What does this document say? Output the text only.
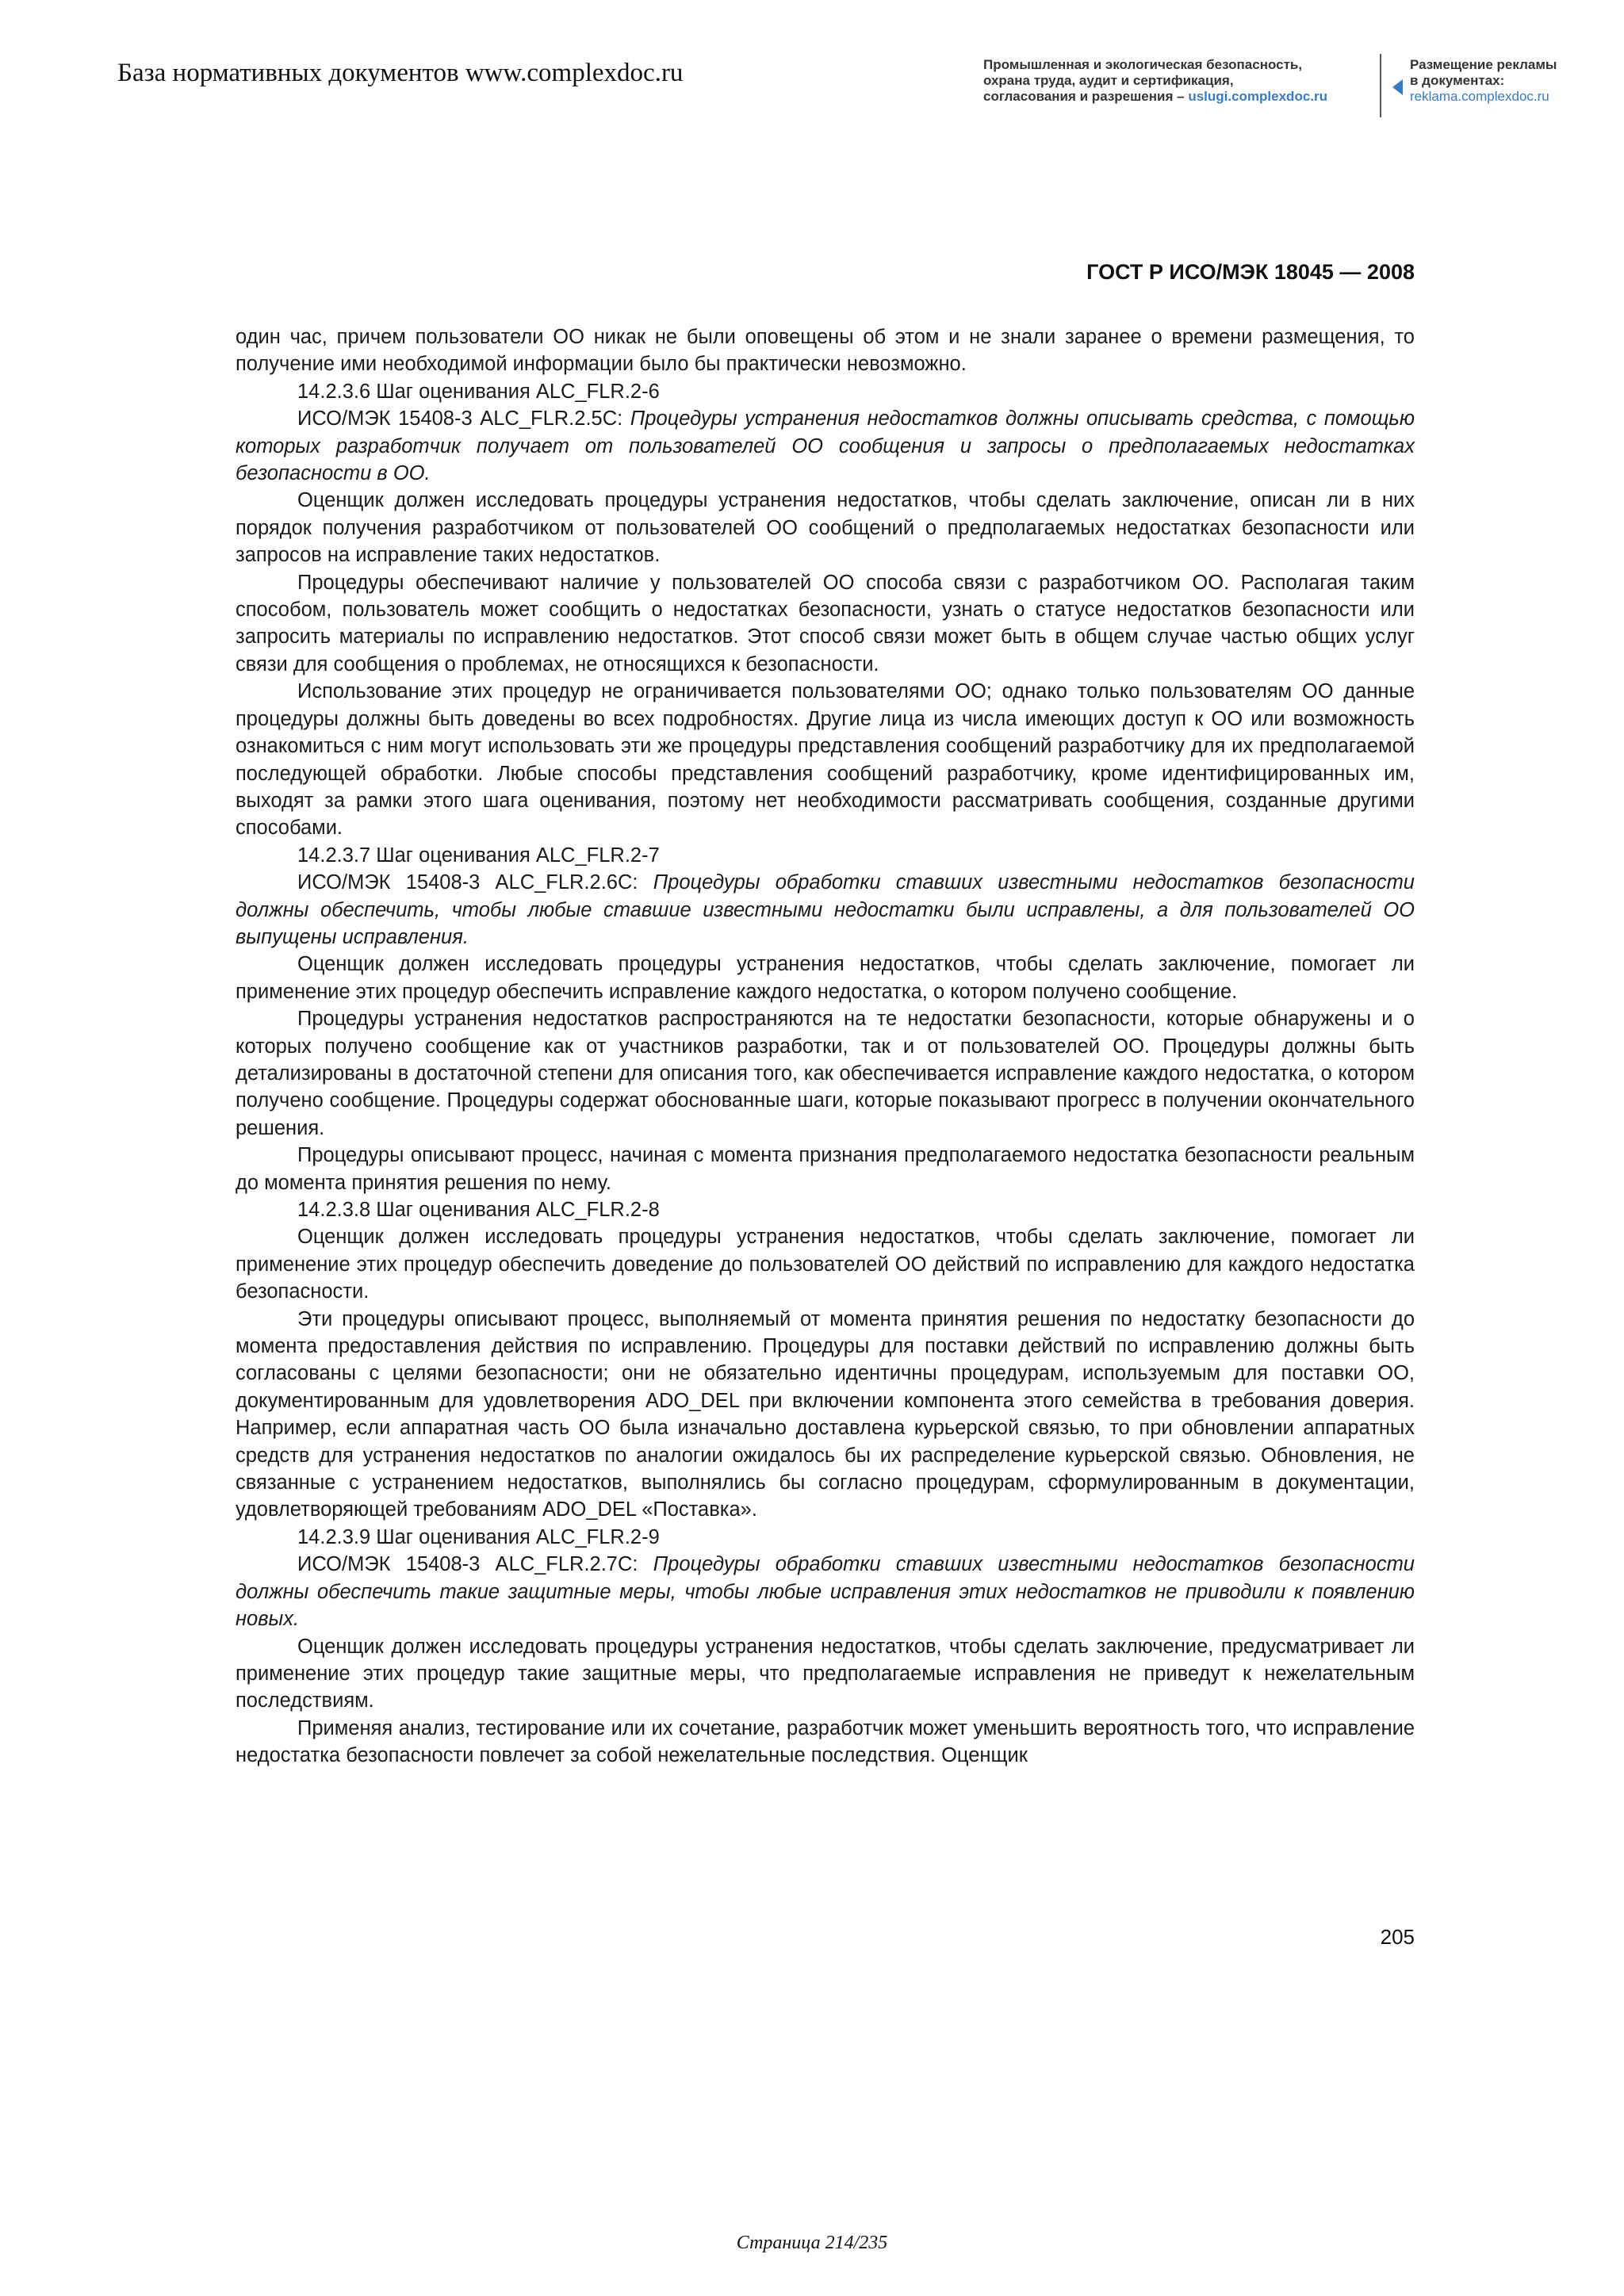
База нормативных документов www.complexdoc.ru	Промышленная и экологическая безопасность,
охрана труда, аудит и сертификация,
согласования и разрешения – uslugi.complexdoc.ru
Размещение рекламы
в документах:
reklama.complexdoc.ru
ГОСТ Р ИСО/МЭК 18045 — 2008

один час, причем пользователи ОО никак не были оповещены об этом и не знали заранее о времени размещения, то получение ими необходимой информации было бы практически невозможно.

14.2.3.6 Шаг оценивания ALC_FLR.2-6

ИСО/МЭК 15408-3 ALC_FLR.2.5C: Процедуры устранения недостатков должны описывать средства, с помощью которых разработчик получает от пользователей ОО сообщения и запросы о предполагаемых недостатках безопасности в ОО.

Оценщик должен исследовать процедуры устранения недостатков, чтобы сделать заключение, описан ли в них порядок получения разработчиком от пользователей ОО сообщений о предполагаемых недостатках безопасности или запросов на исправление таких недостатков.

Процедуры обеспечивают наличие у пользователей ОО способа связи с разработчиком ОО. Располагая таким способом, пользователь может сообщить о недостатках безопасности, узнать о статусе недостатков безопасности или запросить материалы по исправлению недостатков. Этот способ связи может быть в общем случае частью общих услуг связи для сообщения о проблемах, не относящихся к безопасности.

Использование этих процедур не ограничивается пользователями ОО; однако только пользователям ОО данные процедуры должны быть доведены во всех подробностях. Другие лица из числа имеющих доступ к ОО или возможность ознакомиться с ним могут использовать эти же процедуры представления сообщений разработчику для их предполагаемой последующей обработки. Любые способы представления сообщений разработчику, кроме идентифицированных им, выходят за рамки этого шага оценивания, поэтому нет необходимости рассматривать сообщения, созданные другими способами.

14.2.3.7 Шаг оценивания ALC_FLR.2-7

ИСО/МЭК 15408-3 ALC_FLR.2.6C: Процедуры обработки ставших известными недостатков безопасности должны обеспечить, чтобы любые ставшие известными недостатки были исправлены, а для пользователей ОО выпущены исправления.

Оценщик должен исследовать процедуры устранения недостатков, чтобы сделать заключение, помогает ли применение этих процедур обеспечить исправление каждого недостатка, о котором получено сообщение.

Процедуры устранения недостатков распространяются на те недостатки безопасности, которые обнаружены и о которых получено сообщение как от участников разработки, так и от пользователей ОО. Процедуры должны быть детализированы в достаточной степени для описания того, как обеспечивается исправление каждого недостатка, о котором получено сообщение. Процедуры содержат обоснованные шаги, которые показывают прогресс в получении окончательного решения.

Процедуры описывают процесс, начиная с момента признания предполагаемого недостатка безопасности реальным до момента принятия решения по нему.

14.2.3.8 Шаг оценивания ALC_FLR.2-8

Оценщик должен исследовать процедуры устранения недостатков, чтобы сделать заключение, помогает ли применение этих процедур обеспечить доведение до пользователей ОО действий по исправлению для каждого недостатка безопасности.

Эти процедуры описывают процесс, выполняемый от момента принятия решения по недостатку безопасности до момента предоставления действия по исправлению. Процедуры для поставки действий по исправлению должны быть согласованы с целями безопасности; они не обязательно идентичны процедурам, используемым для поставки ОО, документированным для удовлетворения ADO_DEL при включении компонента этого семейства в требования доверия. Например, если аппаратная часть ОО была изначально доставлена курьерской связью, то при обновлении аппаратных средств для устранения недостатков по аналогии ожидалось бы их распределение курьерской связью. Обновления, не связанные с устранением недостатков, выполнялись бы согласно процедурам, сформулированным в документации, удовлетворяющей требованиям ADO_DEL «Поставка».

14.2.3.9 Шаг оценивания ALC_FLR.2-9

ИСО/МЭК 15408-3 ALC_FLR.2.7C: Процедуры обработки ставших известными недостатков безопасности должны обеспечить такие защитные меры, чтобы любые исправления этих недостатков не приводили к появлению новых.

Оценщик должен исследовать процедуры устранения недостатков, чтобы сделать заключение, предусматривает ли применение этих процедур такие защитные меры, что предполагаемые исправления не приведут к нежелательным последствиям.

Применяя анализ, тестирование или их сочетание, разработчик может уменьшить вероятность того, что исправление недостатка безопасности повлечет за собой нежелательные последствия. Оценщик

205
Страница 214/235
